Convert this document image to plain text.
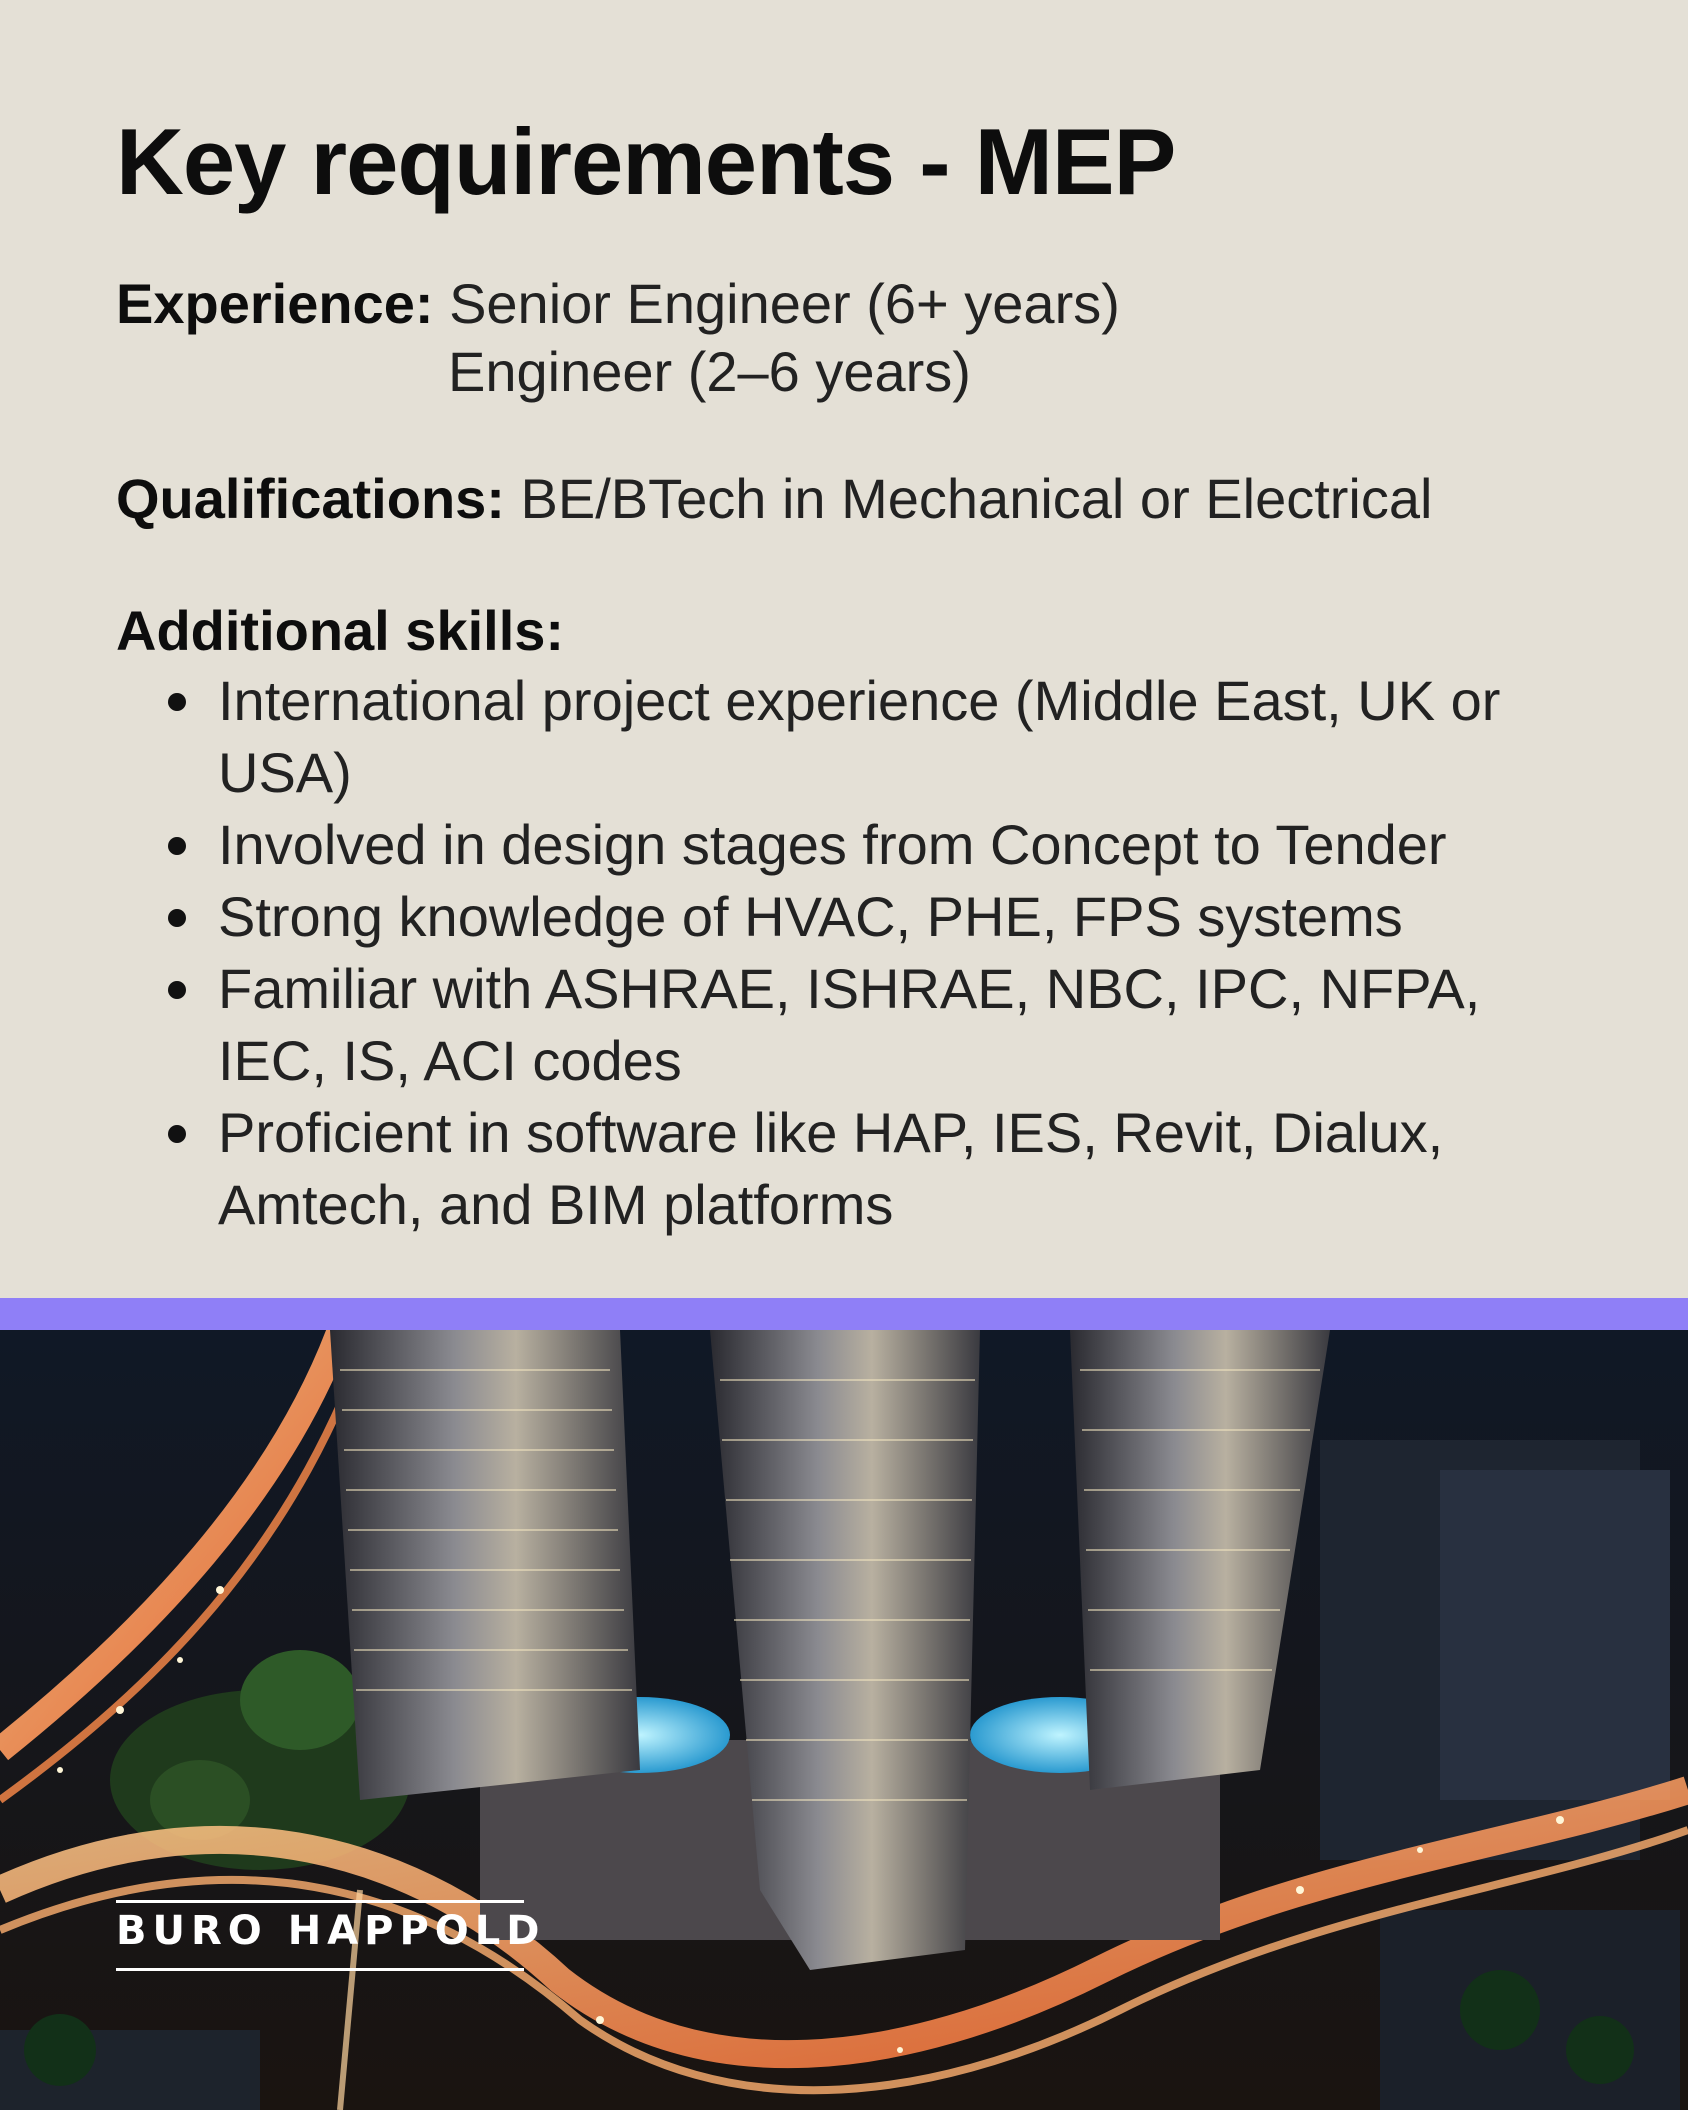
Key requirements - MEP
Experience: Senior Engineer (6+ years)
Engineer (2–6 years)
Qualifications: BE/BTech in Mechanical or Electrical
Additional skills:
International project experience (Middle East, UK or USA)
Involved in design stages from Concept to Tender
Strong knowledge of HVAC, PHE, FPS systems
Familiar with ASHRAE, ISHRAE, NBC, IPC, NFPA, IEC, IS, ACI codes
Proficient in software like HAP, IES, Revit, Dialux, Amtech, and BIM platforms
BURO HAPPOLD
